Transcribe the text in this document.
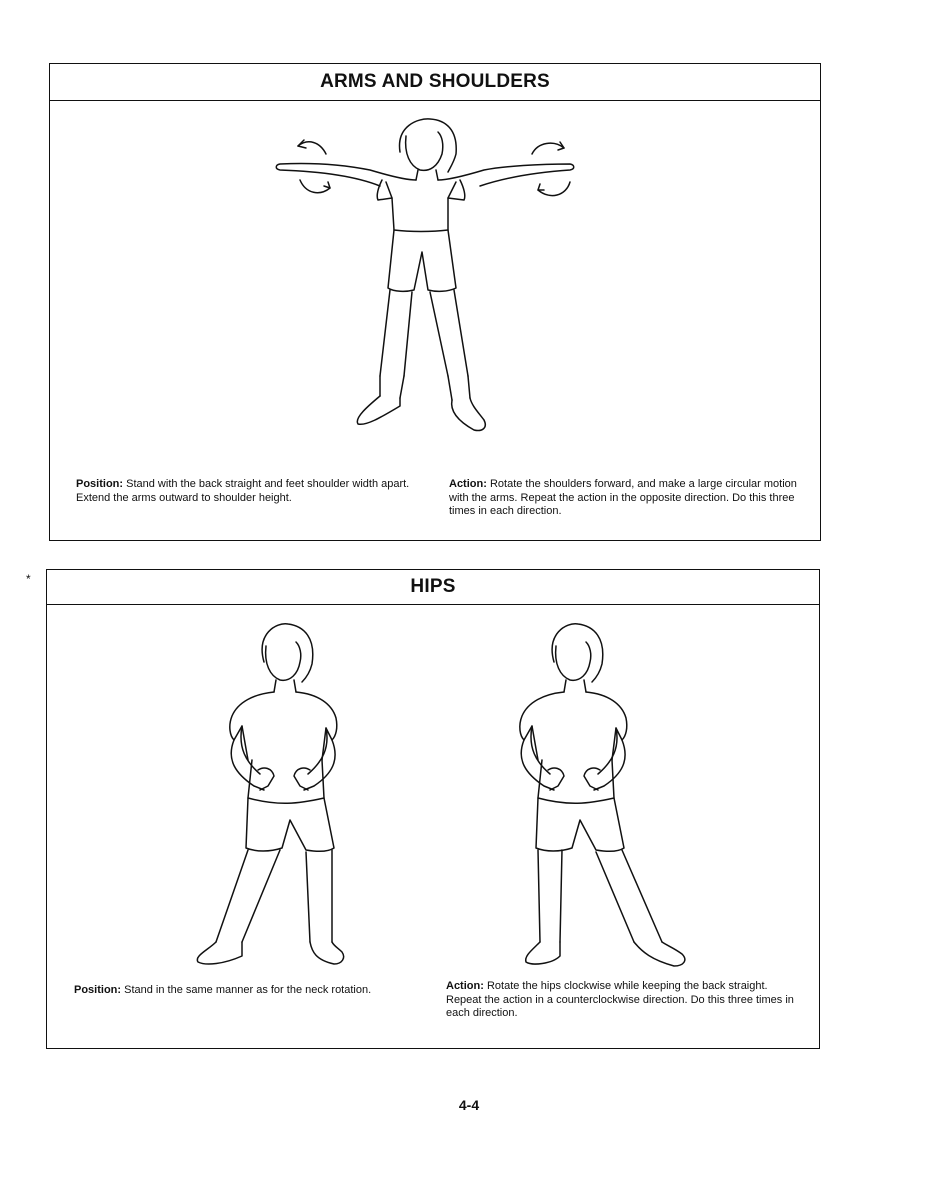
ARMS AND SHOULDERS
Position: Stand with the back straight and feet shoulder width apart. Extend the arms outward to shoulder height.
Action: Rotate the shoulders forward, and make a large circular motion with the arms. Repeat the action in the opposite direction. Do this three times in each direction.
*	HIPS
Position: Stand in the same manner as for the neck rotation.	Action: Rotate the hips clockwise while keeping the back straight. Repeat the action in a counterclockwise direction. Do this three times in each direction.
4-4
